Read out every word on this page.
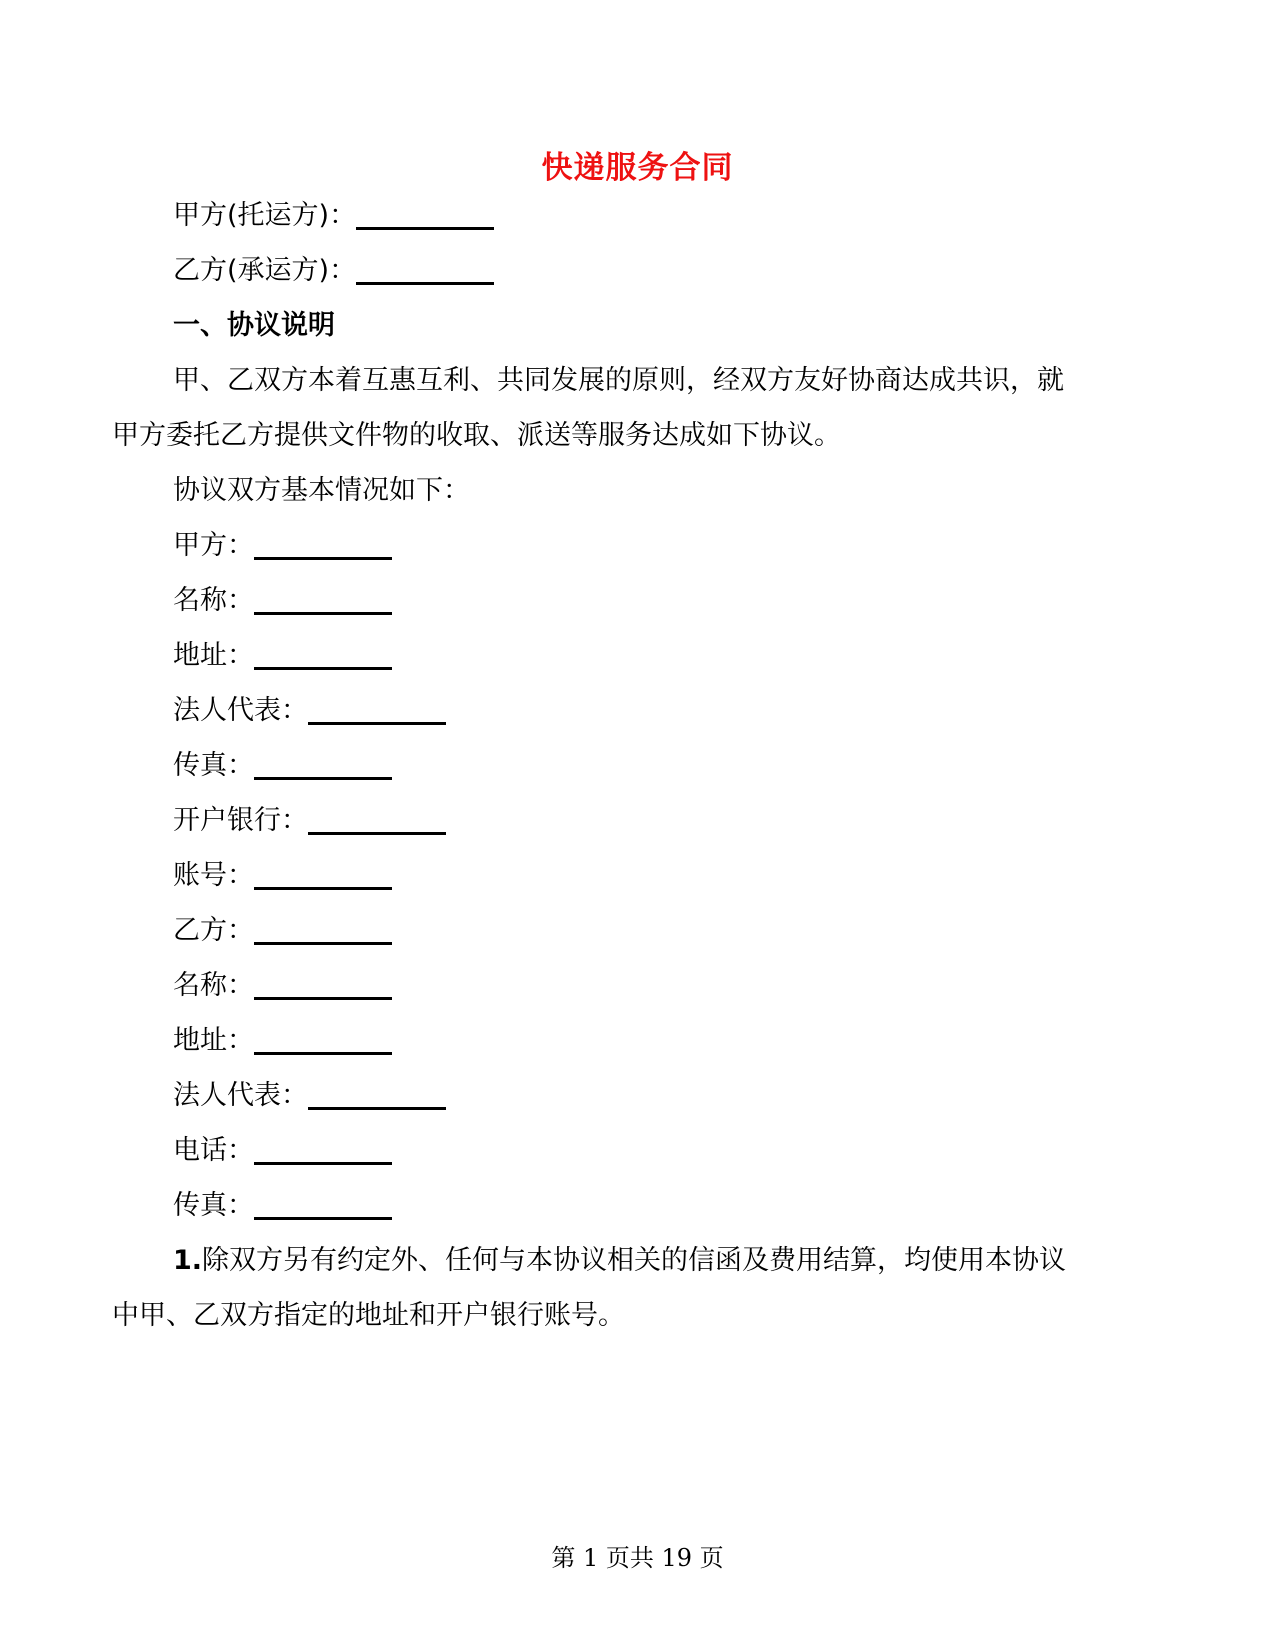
快递服务合同
甲方(托运方)：
乙方(承运方)：
一、协议说明
甲、乙双方本着互惠互利、共同发展的原则，经双方友好协商达成共识，就
甲方委托乙方提供文件物的收取、派送等服务达成如下协议。
协议双方基本情况如下：
甲方：
名称：
地址：
法人代表：
传真：
开户银行：
账号：
乙方：
名称：
地址：
法人代表：
电话：
传真：
1.除双方另有约定外、任何与本协议相关的信函及费用结算，均使用本协议
中甲、乙双方指定的地址和开户银行账号。
第 1 页共 19 页
